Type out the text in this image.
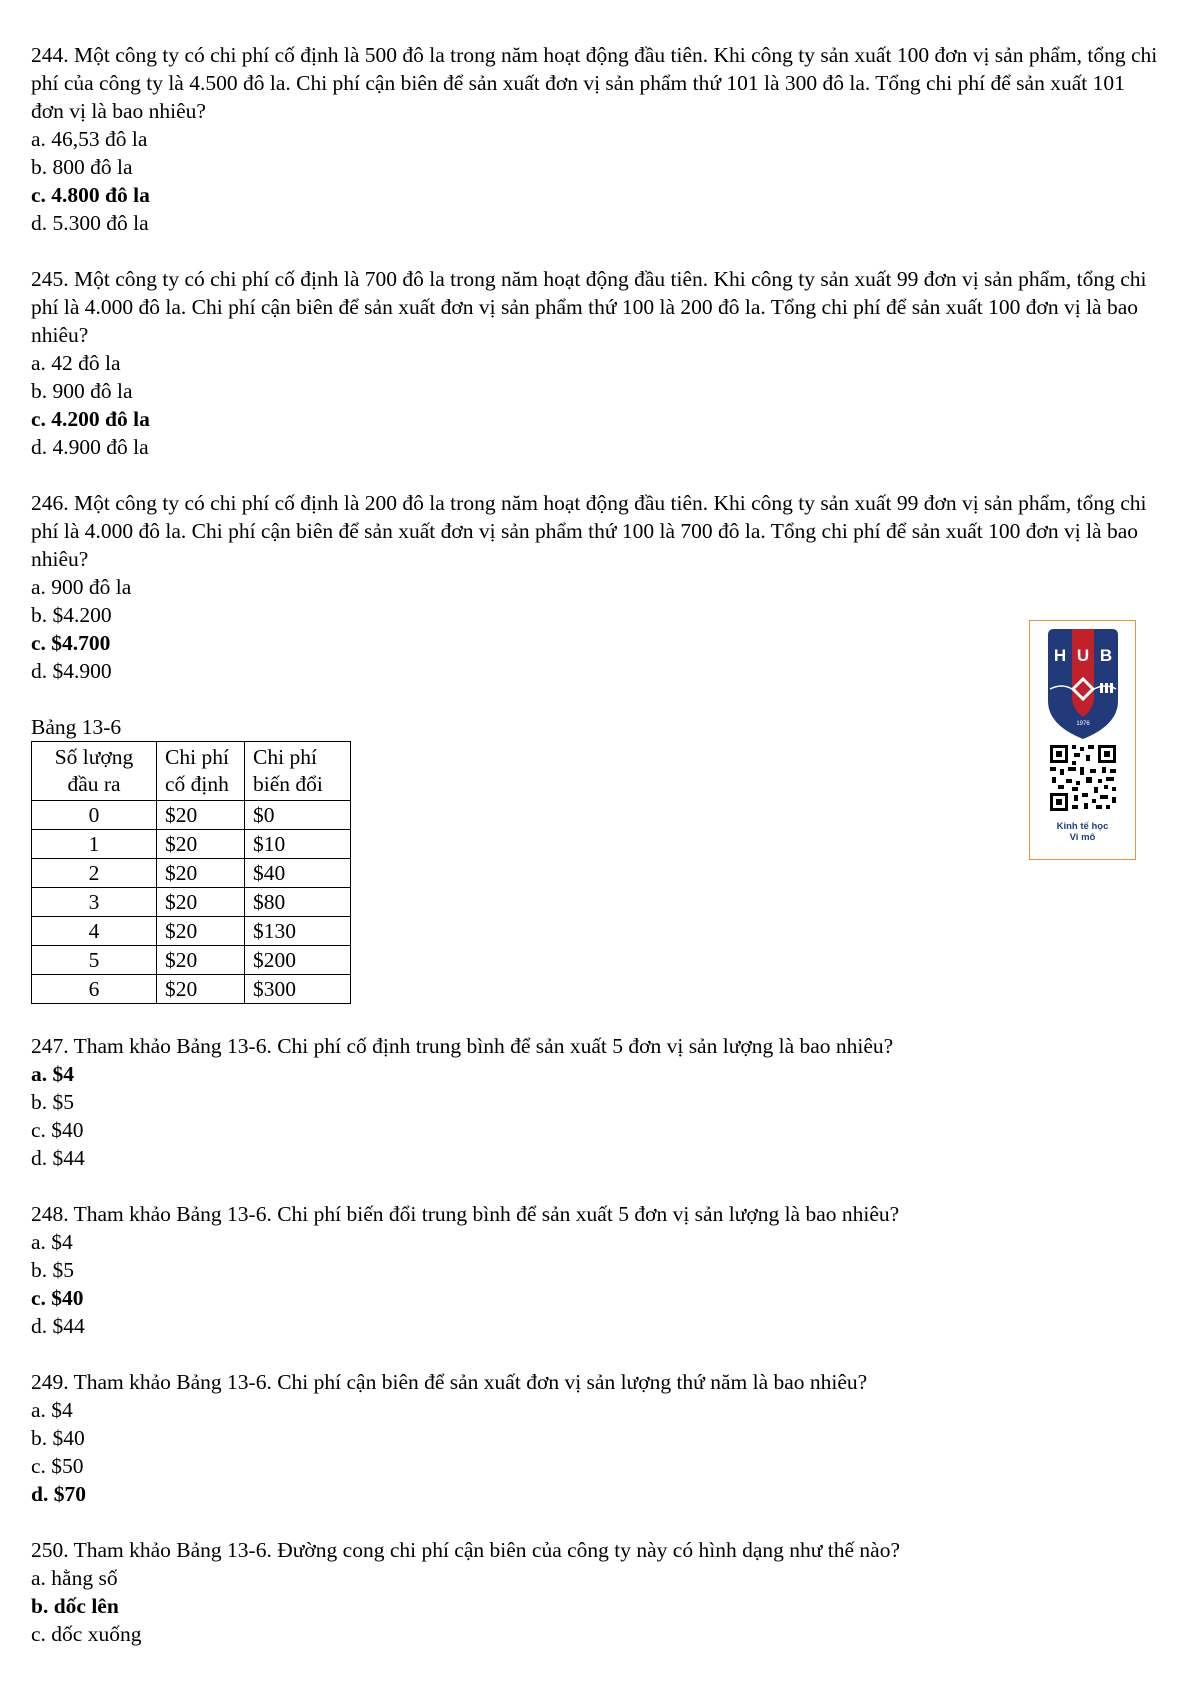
244. Một công ty có chi phí cố định là 500 đô la trong năm hoạt động đầu tiên. Khi công ty sản xuất 100 đơn vị sản phẩm, tổng chi phí của công ty là 4.500 đô la. Chi phí cận biên để sản xuất đơn vị sản phẩm thứ 101 là 300 đô la. Tổng chi phí để sản xuất 101 đơn vị là bao nhiêu?

a. 46,53 đô la

b. 800 đô la

c. 4.800 đô la

d. 5.300 đô la

245. Một công ty có chi phí cố định là 700 đô la trong năm hoạt động đầu tiên. Khi công ty sản xuất 99 đơn vị sản phẩm, tổng chi phí là 4.000 đô la. Chi phí cận biên để sản xuất đơn vị sản phẩm thứ 100 là 200 đô la. Tổng chi phí để sản xuất 100 đơn vị là bao nhiêu?

a. 42 đô la

b. 900 đô la

c. 4.200 đô la

d. 4.900 đô la

246. Một công ty có chi phí cố định là 200 đô la trong năm hoạt động đầu tiên. Khi công ty sản xuất 99 đơn vị sản phẩm, tổng chi phí là 4.000 đô la. Chi phí cận biên để sản xuất đơn vị sản phẩm thứ 100 là 700 đô la. Tổng chi phí để sản xuất 100 đơn vị là bao nhiêu?

a. 900 đô la

b. $4.200

c. $4.700

d. $4.900

Bảng 13-6

Số lượng đầu ra	Chi phí cố định	Chi phí biến đổi
0	$20	$0
1	$20	$10
2	$20	$40
3	$20	$80
4	$20	$130
5	$20	$200
6	$20	$300

247. Tham khảo Bảng 13-6. Chi phí cố định trung bình để sản xuất 5 đơn vị sản lượng là bao nhiêu?

a. $4

b. $5

c. $40

d. $44

248. Tham khảo Bảng 13-6. Chi phí biến đổi trung bình để sản xuất 5 đơn vị sản lượng là bao nhiêu?

a. $4

b. $5

c. $40

d. $44

249. Tham khảo Bảng 13-6. Chi phí cận biên để sản xuất đơn vị sản lượng thứ năm là bao nhiêu?

a. $4

b. $40

c. $50

d. $70

250. Tham khảo Bảng 13-6. Đường cong chi phí cận biên của công ty này có hình dạng như thế nào?

a. hằng số

b. dốc lên

c. dốc xuống

H U B
1976
Kinh tế học
Vi mô
